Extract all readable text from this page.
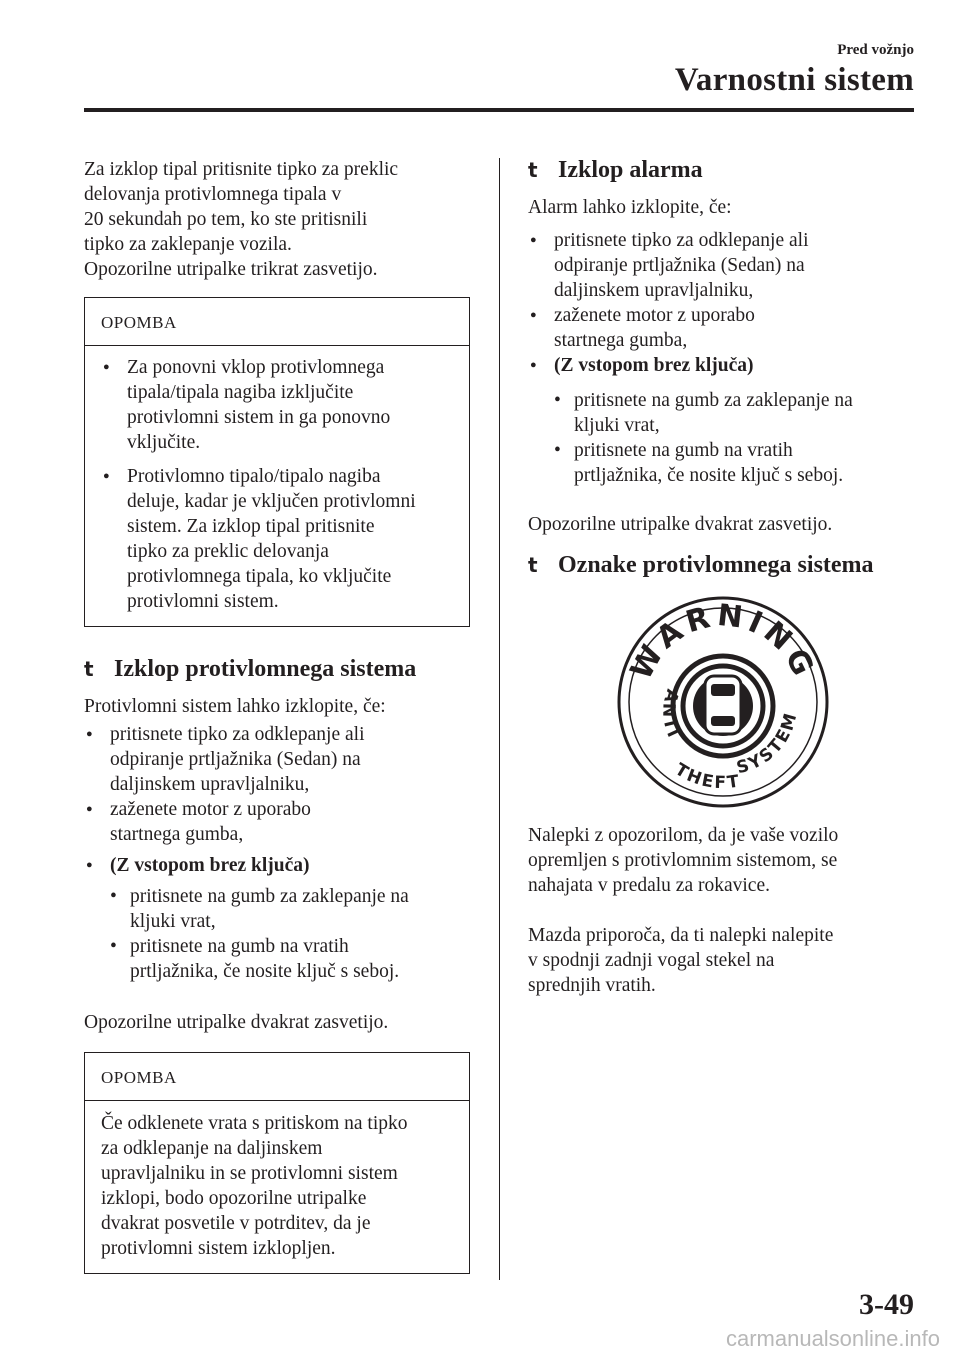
Pred vožnjo
Varnostni sistem

Za izklop tipal pritisnite tipko za preklic
delovanja protivlomnega tipala v
20 sekundah po tem, ko ste pritisnili
tipko za zaklepanje vozila.
Opozorilne utripalke trikrat zasvetijo.

OPOMBA
● Za ponovni vklop protivlomnega
tipala/tipala nagiba izključite
protivlomni sistem in ga ponovno
vključite.
● Protivlomno tipalo/tipalo nagiba
deluje, kadar je vključen protivlomni
sistem. Za izklop tipal pritisnite
tipko za preklic delovanja
protivlomnega tipala, ko vključite
protivlomni sistem.
t Izklop protivlomnega sistema

Protivlomni sistem lahko izklopite, če:

● pritisnete tipko za odklepanje ali
odpiranje prtljažnika (Sedan) na
daljinskem upravljalniku,
● zaženete motor z uporabo
startnega gumba,
● (Z vstopom brez ključa)
• pritisnete na gumb za zaklepanje na
kljuki vrat,
• pritisnete na gumb na vratih
prtljažnika, če nosite ključ s seboj.

Opozorilne utripalke dvakrat zasvetijo.

OPOMBA
Če odklenete vrata s pritiskom na tipko
za odklepanje na daljinskem
upravljalniku in se protivlomni sistem
izklopi, bodo opozorilne utripalke
dvakrat posvetile v potrditev, da je
protivlomni sistem izklopljen.
t Izklop alarma

Alarm lahko izklopite, če:

● pritisnete tipko za odklepanje ali
odpiranje prtljažnika (Sedan) na
daljinskem upravljalniku,
● zaženete motor z uporabo
startnega gumba,
● (Z vstopom brez ključa)
• pritisnete na gumb za zaklepanje na
kljuki vrat,
• pritisnete na gumb na vratih
prtljažnika, če nosite ključ s seboj.

Opozorilne utripalke dvakrat zasvetijo.

t Oznake protivlomnega sistema
WARNING
ANTI
THEFT
SYSTEM

Nalepki z opozorilom, da je vaše vozilo
opremljen s protivlomnim sistemom, se
nahajata v predalu za rokavice.

Mazda priporoča, da ti nalepki nalepite
v spodnji zadnji vogal stekel na
sprednjih vratih.

3-49
carmanualsonline.info
